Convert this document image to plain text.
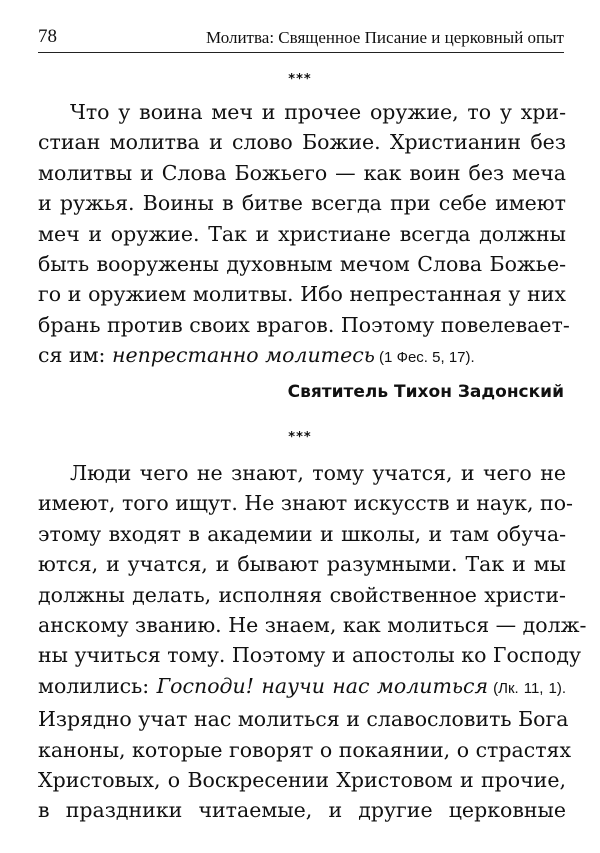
78	Молитва: Священное Писание и церковный опыт
***
Что у воина меч и прочее оружие, то у хри-
стиан молитва и слово Божие. Христианин без
молитвы и Слова Божьего — как воин без меча
и ружья. Воины в битве всегда при себе имеют
меч и оружие. Так и христиане всегда должны
быть вооружены духовным мечом Слова Божье-
го и оружием молитвы. Ибо непрестанная у них
брань против своих врагов. Поэтому повелевает-
ся им: непрестанно молитесь (1 Фес. 5, 17).
Святитель Тихон Задонский
***
Люди чего не знают, тому учатся, и чего не
имеют, того ищут. Не знают искусств и наук, по-
этому входят в академии и школы, и там обуча-
ются, и учатся, и бывают разумными. Так и мы
должны делать, исполняя свойственное христи-
анскому званию. Не знаем, как молиться — долж-
ны учиться тому. Поэтому и апостолы ко Господу
молились: Господи! научи нас молиться (Лк. 11, 1).
Изрядно учат нас молиться и славословить Бога
каноны, которые говорят о покаянии, о страстях
Христовых, о Воскресении Христовом и прочие,
в праздники читаемые, и другие церковные
